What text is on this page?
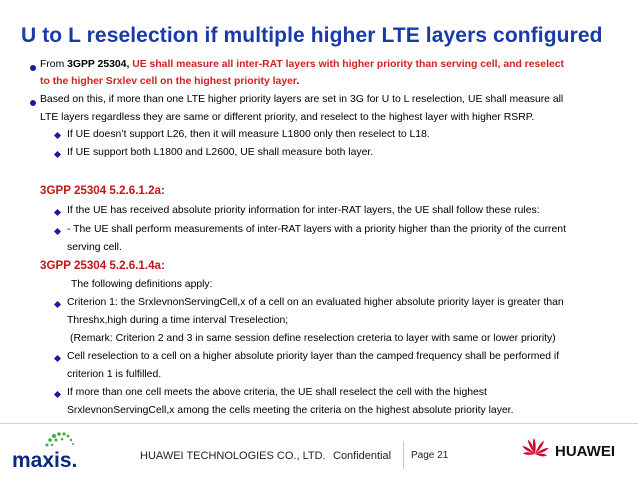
U to L reselection if multiple higher LTE layers configured
From 3GPP 25304, UE shall measure all inter-RAT layers with higher priority than serving cell, and reselect
to the higher Srxlev cell on the highest priority layer.
Based on this, if more than one LTE higher priority layers are set in 3G for U to L reselection, UE shall measure all
LTE layers regardless they are same or different priority, and reselect to the highest layer with higher RSRP.
If UE doesn’t support L26, then it will measure L1800 only then reselect to L18.
If UE support both L1800 and L2600, UE shall measure both layer.
3GPP 25304 5.2.6.1.2a:
If the UE has received absolute priority information for inter-RAT layers, the UE shall follow these rules:
- The UE shall perform measurements of inter-RAT layers with a priority higher than the priority of the current
serving cell.
3GPP 25304 5.2.6.1.4a:
The following definitions apply:
Criterion 1: the SrxlevnonServingCell,x of a cell on an evaluated higher absolute priority layer is greater than
Threshx,high during a time interval Treselection;
(Remark: Criterion 2 and 3 in same session define reselection creteria to layer with same or lower priority)
Cell reselection to a cell on a higher absolute priority layer than the camped frequency shall be performed if
criterion 1 is fulfilled.
If more than one cell meets the above criteria, the UE shall reselect the cell with the highest
SrxlevnonServingCell,x among the cells meeting the criteria on the highest absolute priority layer.
maxis.	HUAWEI TECHNOLOGIES CO., LTD. Confidential Page 21	HUAWEI
